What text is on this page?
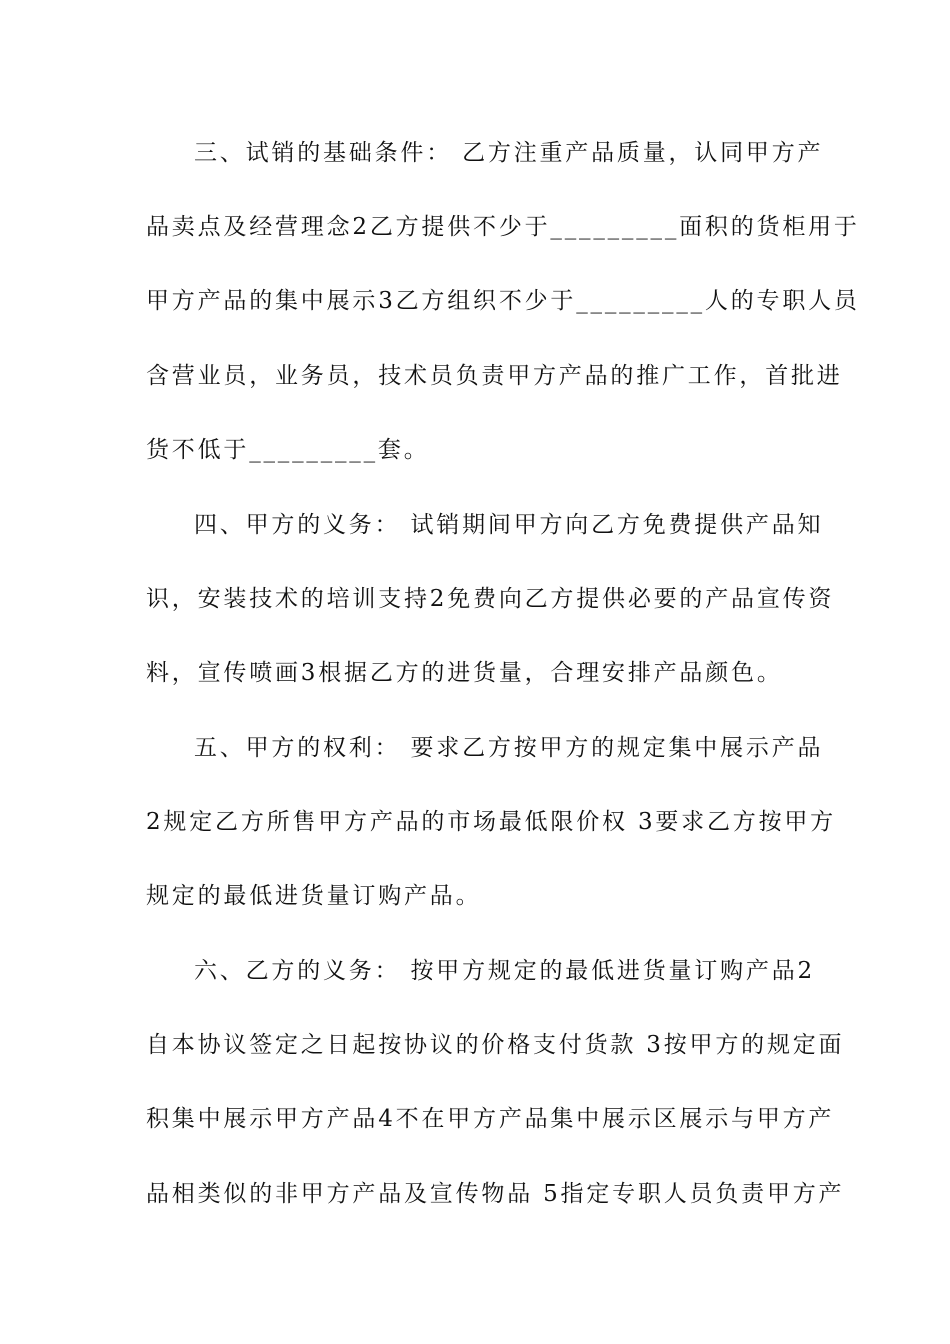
三、试销的基础条件： 乙方注重产品质量，认同甲方产
品卖点及经营理念2乙方提供不少于_________面积的货柜用于
甲方产品的集中展示3乙方组织不少于_________人的专职人员
含营业员，业务员，技术员负责甲方产品的推广工作，首批进
货不低于_________套。
四、甲方的义务： 试销期间甲方向乙方免费提供产品知
识，安装技术的培训支持2免费向乙方提供必要的产品宣传资
料，宣传喷画3根据乙方的进货量，合理安排产品颜色。
五、甲方的权利： 要求乙方按甲方的规定集中展示产品
2规定乙方所售甲方产品的市场最低限价权 3要求乙方按甲方
规定的最低进货量订购产品。
六、乙方的义务： 按甲方规定的最低进货量订购产品2
自本协议签定之日起按协议的价格支付货款 3按甲方的规定面
积集中展示甲方产品4不在甲方产品集中展示区展示与甲方产
品相类似的非甲方产品及宣传物品 5指定专职人员负责甲方产
